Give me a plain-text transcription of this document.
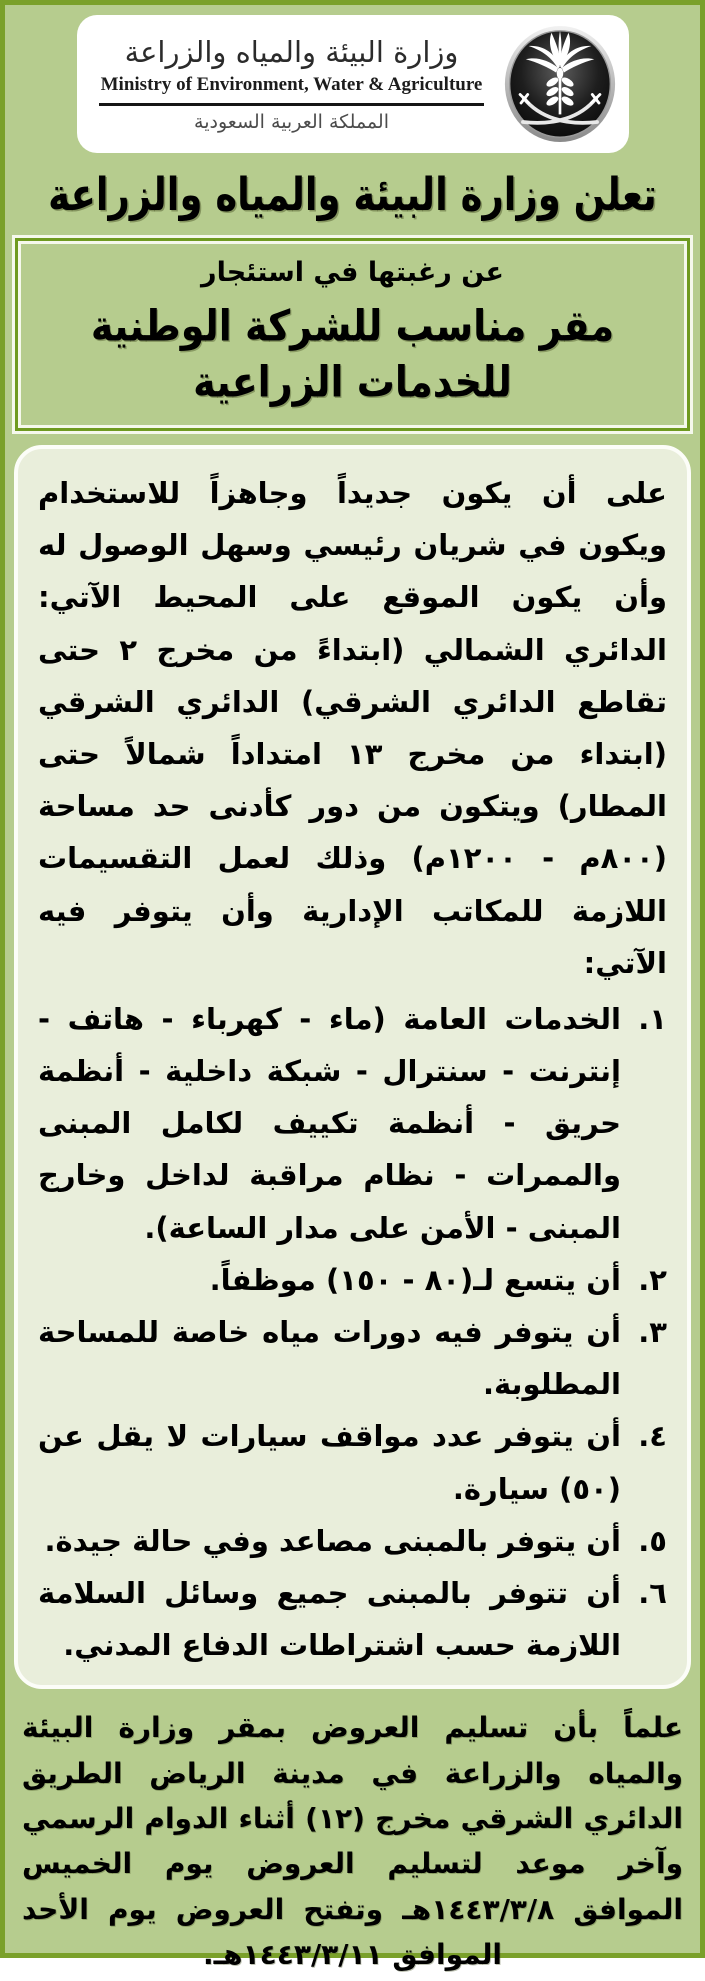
وزارة البيئة والمياه والزراعة
Ministry of Environment, Water & Agriculture
المملكة العربية السعودية
تعلن وزارة البيئة والمياه والزراعة
عن رغبتها في استئجار
مقر مناسب للشركة الوطنية
للخدمات الزراعية

على أن يكون جديداً وجاهزاً للاستخدام ويكون في شريان رئيسي وسهل الوصول له وأن يكون الموقع على المحيط الآتي: الدائري الشمالي (ابتداءً من مخرج ٢ حتى تقاطع الدائري الشرقي) الدائري الشرقي (ابتداء من مخرج ١٣ امتداداً شمالاً حتى المطار) ويتكون من دور كأدنى حد مساحة (٨٠٠م - ١٢٠٠م) وذلك لعمل التقسيمات اللازمة للمكاتب الإدارية وأن يتوفر فيه الآتي:

١.
الخدمات العامة (ماء - كهرباء - هاتف - إنترنت - سنترال - شبكة داخلية - أنظمة حريق - أنظمة تكييف لكامل المبنى والممرات - نظام مراقبة لداخل وخارج المبنى - الأمن على مدار الساعة).
٢.
أن يتسع لـ(٨٠ - ١٥٠) موظفاً.
٣.
أن يتوفر فيه دورات مياه خاصة للمساحة المطلوبة.
٤.
أن يتوفر عدد مواقف سيارات لا يقل عن (٥٠) سيارة.
٥.
أن يتوفر بالمبنى مصاعد وفي حالة جيدة.
٦.
أن تتوفر بالمبنى جميع وسائل السلامة اللازمة حسب اشتراطات الدفاع المدني.

علماً بأن تسليم العروض بمقر وزارة البيئة والمياه والزراعة في مدينة الرياض الطريق الدائري الشرقي مخرج (١٢) أثناء الدوام الرسمي وآخر موعد لتسليم العروض يوم الخميس الموافق ١٤٤٣/٣/٨هـ وتفتح العروض يوم الأحد الموافق ١٤٤٣/٣/١١هـ.
